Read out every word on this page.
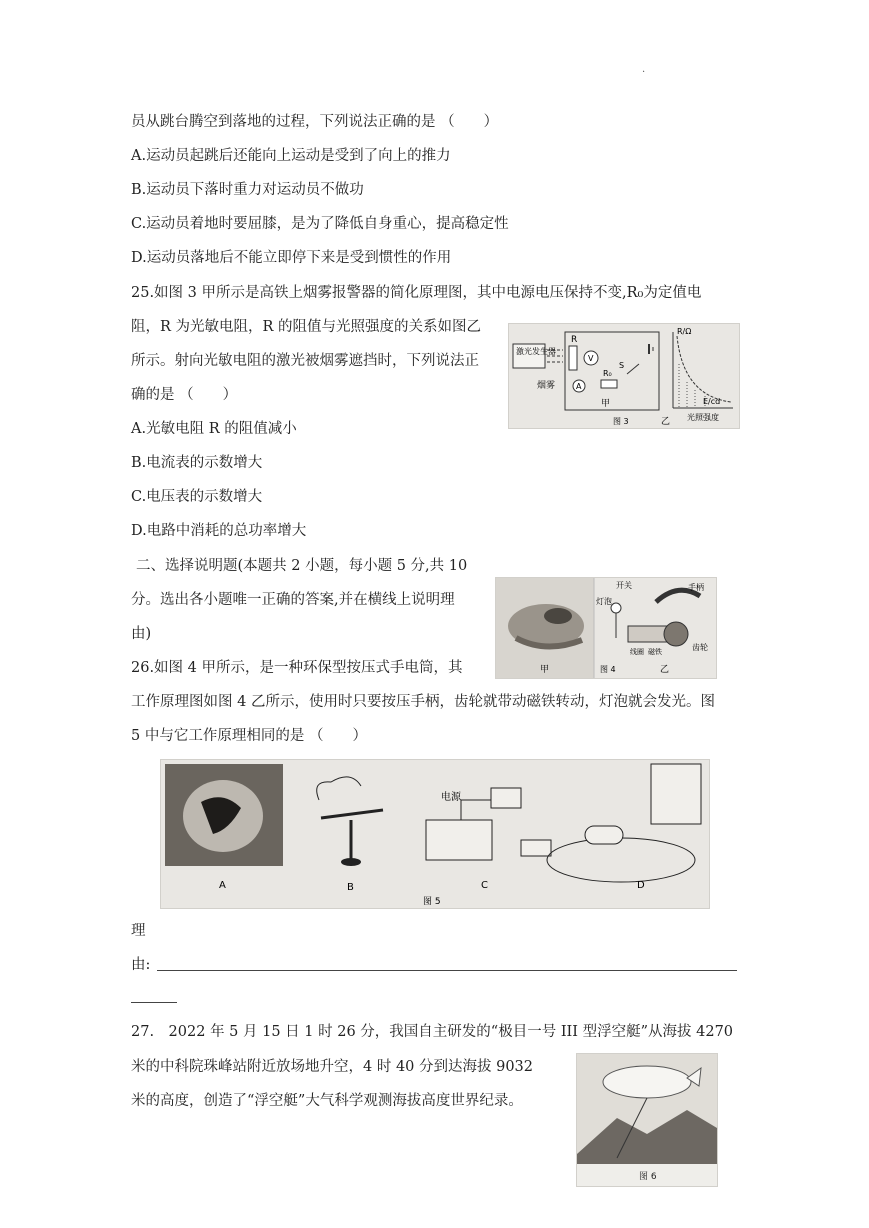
.
员从跳台腾空到落地的过程，下列说法正确的是 （　　）
A.运动员起跳后还能向上运动是受到了向上的推力
B.运动员下落时重力对运动员不做功
C.运动员着地时要屈膝，是为了降低自身重心，提高稳定性
D.运动员落地后不能立即停下来是受到惯性的作用
25.如图 3 甲所示是高铁上烟雾报警器的简化原理图，其中电源电压保持不变,R₀为定值电
阻，R 为光敏电阻，R 的阻值与光照强度的关系如图乙
所示。射向光敏电阻的激光被烟雾遮挡时，下列说法正
确的是 （　　）
A.光敏电阻 R 的阻值减小
B.电流表的示数增大
C.电压表的示数增大
D.电路中消耗的总功率增大
激光发生器
烟雾
R
V
A
R₀
S
甲
R/Ω
E/cd
乙 光照强度
图 3
二、选择说明题(本题共 2 小题，每小题 5 分,共 10
分。选出各小题唯一正确的答案,并在横线上说明理
由)
开关
灯泡
手柄
线圈 磁铁	齿轮
甲	图 4	乙
26.如图 4 甲所示，是一种环保型按压式手电筒，其
工作原理图如图 4 乙所示，使用时只要按压手柄，齿轮就带动磁铁转动，灯泡就会发光。图
5 中与它工作原理相同的是 （　　）
电源
A	B	C	D
图 5
理
由:
27.　2022 年 5 月 15 日 1 时 26 分，我国自主研发的“极目一号 III 型浮空艇”从海拔 4270
米的中科院珠峰站附近放场地升空，4 时 40 分到达海拔 9032
米的高度，创造了“浮空艇”大气科学观测海拔高度世界纪录。
图 6
